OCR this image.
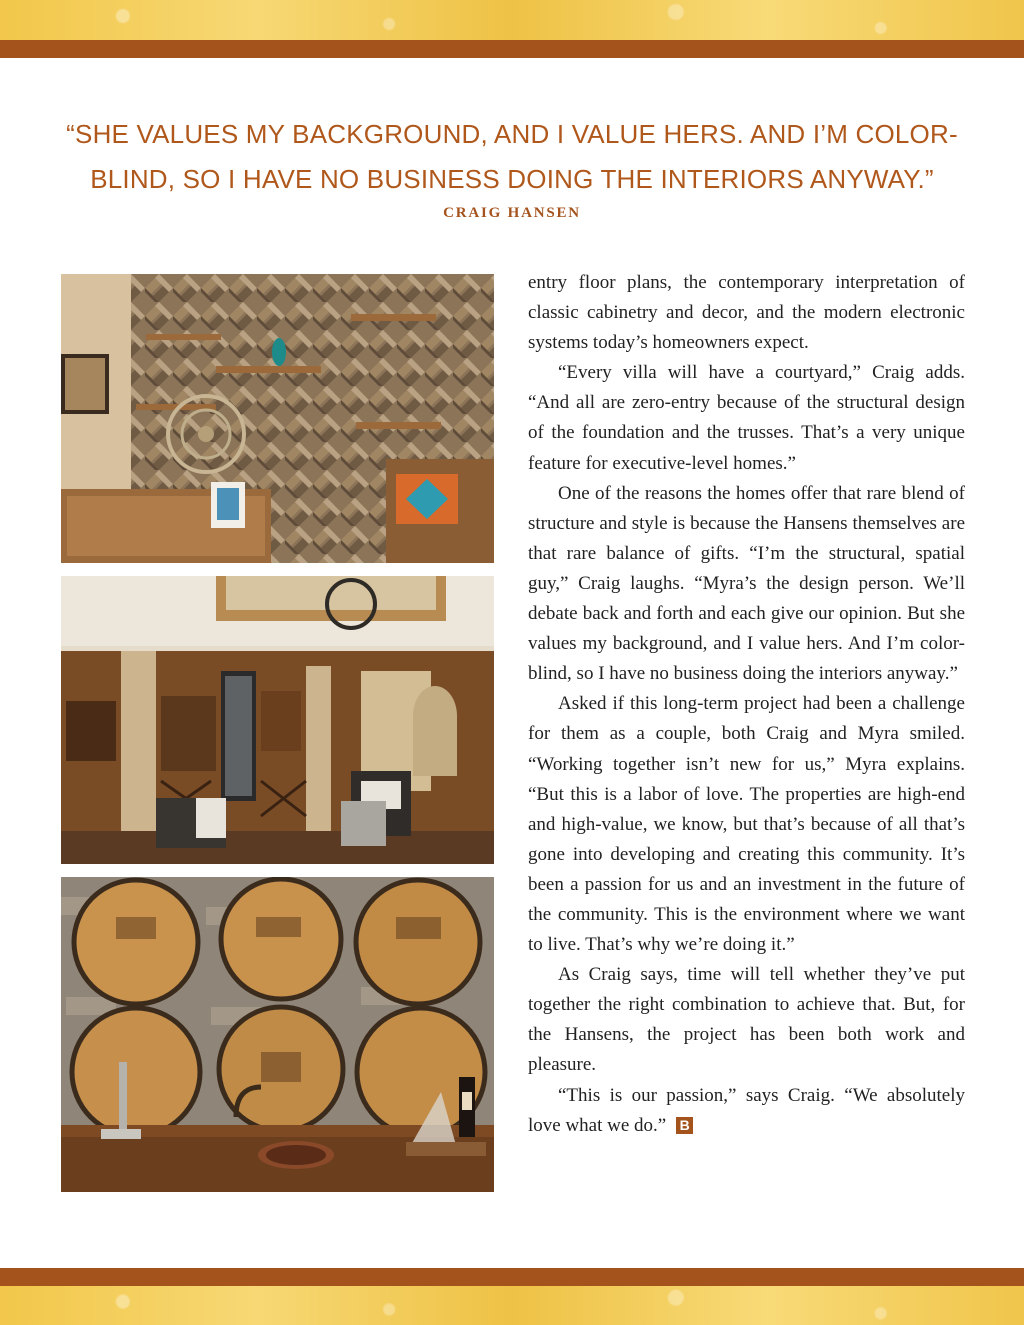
“SHE VALUES MY BACKGROUND, AND I VALUE HERS. AND I’M COLOR-BLIND, SO I HAVE NO BUSINESS DOING THE INTERIORS ANYWAY.”

CRAIG HANSEN

entry floor plans, the contemporary interpretation of classic cabinetry and decor, and the modern electronic systems today’s homeowners expect.

“Every villa will have a courtyard,” Craig adds. “And all are zero-entry because of the structural design of the foundation and the trusses. That’s a very unique feature for executive-level homes.”

One of the reasons the homes offer that rare blend of structure and style is because the Hansens themselves are that rare balance of gifts. “I’m the structural, spatial guy,” Craig laughs. “Myra’s the design person. We’ll debate back and forth and each give our opinion. But she values my background, and I value hers. And I’m color-blind, so I have no business doing the interiors anyway.”

Asked if this long-term project had been a challenge for them as a couple, both Craig and Myra smiled. “Working together isn’t new for us,” Myra explains. “But this is a labor of love. The properties are high-end and high-value, we know, but that’s because of all that’s gone into developing and creating this community. It’s been a passion for us and an investment in the future of the community. This is the environment where we want to live. That’s why we’re doing it.”

As Craig says, time will tell whether they’ve put together the right combination to achieve that. But, for the Hansens, the project has been both work and pleasure.

“This is our passion,” says Craig. “We absolutely love what we do.” B
